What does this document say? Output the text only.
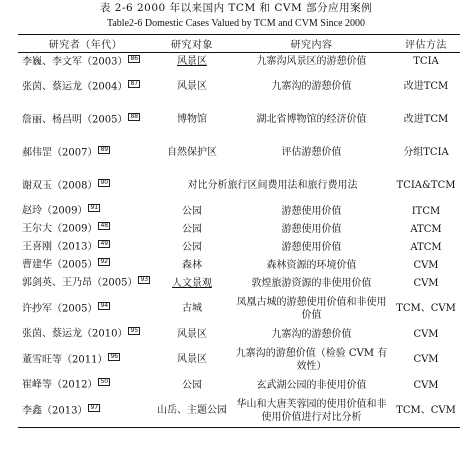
表 2-6 2000 年以来国内 TCM 和 CVM 部分应用案例
Table2-6 Domestic Cases Valued by TCM and CVM Since 2000
研究者（年代）	研究对象	研究内容	评估方法
李巍、李文军（2003） 86	风景区	九寨沟风景区的游憩价值	TCIA
张茵、蔡运龙（2004） 87	风景区	九寨沟的游憩价值	改进TCM
詹丽、杨昌明（2005） 88	博物馆	湖北省博物馆的经济价值	改进TCM
郝伟罡（2007） 89	自然保护区	评估游憩价值	分组TCIA
谢双玉（2008） 90	对比分析旅行区间费用法和旅行费用法		TCIA&TCM
赵玲（2009） 91	公园	游憩使用价值	ITCM
王尔大（2009） 48	公园	游憩使用价值	ATCM
王喜刚（2013） 49	公园	游憩使用价值	ATCM
曹建华（2005） 92	森林	森林资源的环境价值	CVM
郭剑英、王乃昂（2005） 93	人文景观	敦煌旅游资源的非使用价值	CVM
许抄军（2005） 94	古城	凤凰古城的游憩使用价值和非使用价值	TCM、CVM
张茵、蔡运龙（2010） 95	风景区	九寨沟的游憩价值	CVM
董雪旺等（2011） 96	风景区	九寨沟的游憩价值（检验 CVM 有效性）	CVM
崔峰等（2012） 50	公园	玄武湖公园的非使用价值	CVM
李鑫（2013） 97	山岳、主题公园	华山和大唐芙蓉园的使用价值和非使用价值进行对比分析	TCM、CVM
